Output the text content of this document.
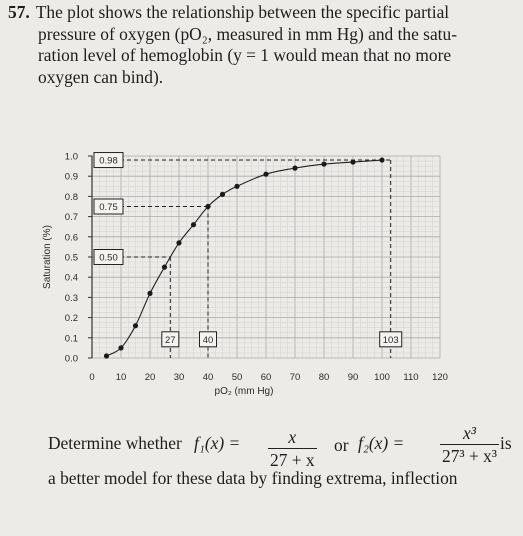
57. The plot shows the relationship between the specific partial
pressure of oxygen (pO₂, measured in mm Hg) and the satu-
ration level of hemoglobin (y = 1 would mean that no more
oxygen can bind).
0.0
0.1
0.2
0.3
0.4
0.5
0.6
0.7
0.8
0.9
1.0
0 10 20 30 40 50 60 70 80 90 100 110 120
Saturation (%)
pO₂ (mm Hg)
0.98
0.75
0.50
27	40	103
Determine whether $f_1(x) = \frac{x}{27 + x}$ or $f_2(x) = \frac{\text{x³}}{\text{27³ + x³}}$ is
a better model for these data by finding extrema, inflection
